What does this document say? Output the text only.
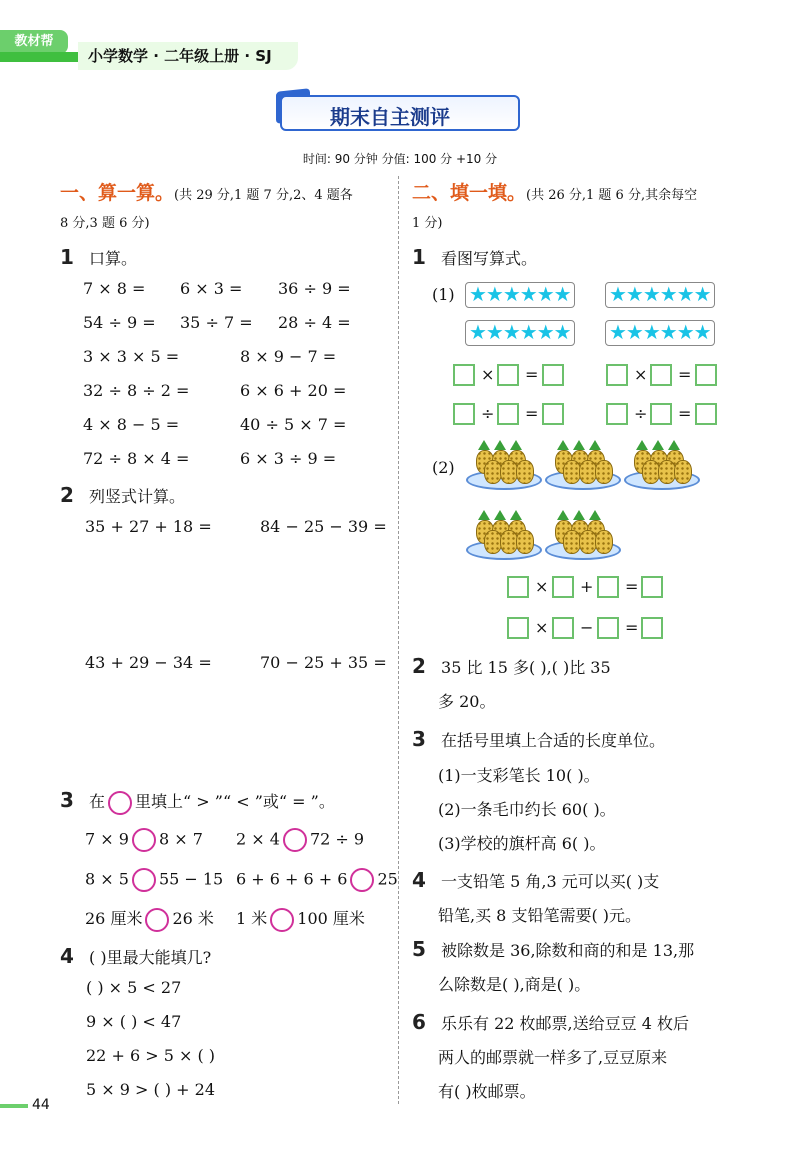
教材帮
小学数学 · 二年级上册 · SJ
期末自主测评
时间: 90 分钟 分值: 100 分 +10 分
一、算一算。(共 29 分,1 题 7 分,2、4 题各
8 分,3 题 6 分)
1 口算。
7 × 8 = 6 × 3 = 36 ÷ 9 =
54 ÷ 9 = 35 ÷ 7 = 28 ÷ 4 =
3 × 3 × 5 =	8 × 9 − 7 =
32 ÷ 8 ÷ 2 =	6 × 6 + 20 =
4 × 8 − 5 =	40 ÷ 5 × 7 =
72 ÷ 8 × 4 =	6 × 3 ÷ 9 =
2 列竖式计算。
35 + 27 + 18 =	84 − 25 − 39 =
43 + 29 − 34 =	70 − 25 + 35 =
3 在 里填上“ > ”“ < ”或“ = ”。
7 × 9 8 × 7 2 × 4 72 ÷ 9
8 × 5 55 − 15 6 + 6 + 6 + 6 25
26 厘米 26 米 1 米 100 厘米
4 ( )里最大能填几?
( ) × 5 < 27
9 × ( ) < 47
22 + 6 > 5 × ( )
5 × 9 > ( ) + 24
二、填一填。(共 26 分,1 题 6 分,其余每空
1 分)
1 看图写算式。
(1) ★★★★★★ ★★★★★★
★★★★★★ ★★★★★★
× =	× =
÷ =	÷ =
(2)
× + =
× − =
2 35 比 15 多( ),( )比 35
多 20。
3 在括号里填上合适的长度单位。
(1)一支彩笔长 10( )。
(2)一条毛巾约长 60( )。
(3)学校的旗杆高 6( )。
4 一支铅笔 5 角,3 元可以买( )支
铅笔,买 8 支铅笔需要( )元。
5 被除数是 36,除数和商的和是 13,那
么除数是( ),商是( )。
6 乐乐有 22 枚邮票,送给豆豆 4 枚后
两人的邮票就一样多了,豆豆原来
有( )枚邮票。
44
